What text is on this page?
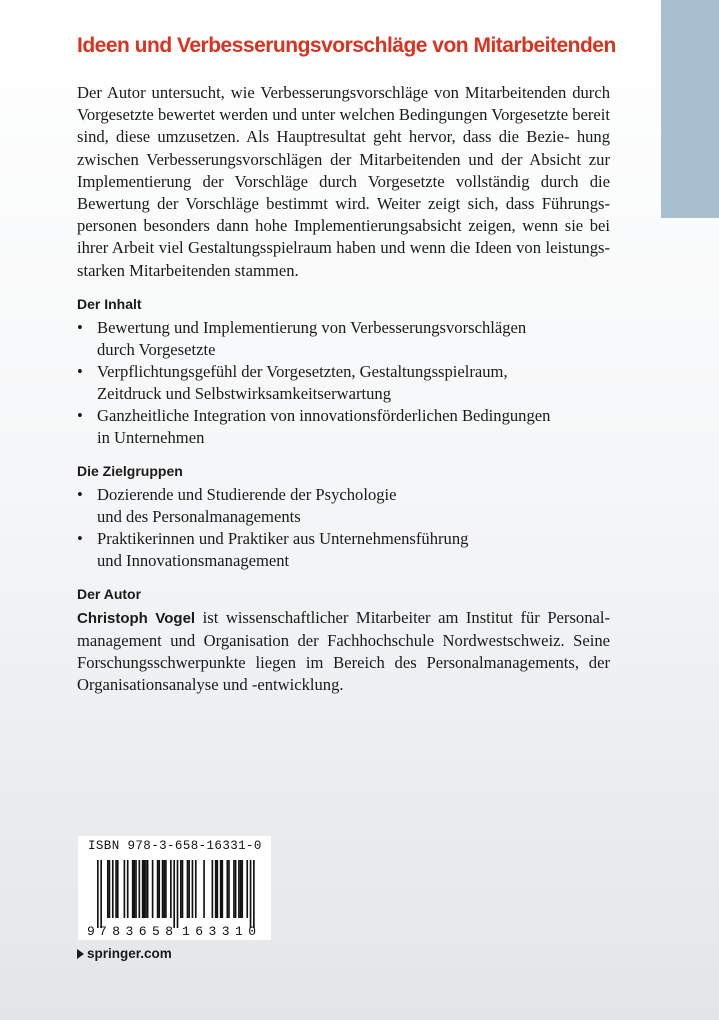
Ideen und Verbesserungsvorschläge von Mitarbeitenden

Der Autor untersucht, wie Verbesserungsvorschläge von Mitarbeitenden durch Vorgesetzte bewertet werden und unter welchen Bedingungen Vorgesetzte bereit sind, diese umzusetzen. Als Hauptresultat geht hervor, dass die Bezie- hung zwischen Verbesserungsvorschlägen der Mitarbeitenden und der Absicht zur Implementierung der Vorschläge durch Vorgesetzte vollständig durch die Bewertung der Vorschläge bestimmt wird. Weiter zeigt sich, dass Führungs- personen besonders dann hohe Implementierungsabsicht zeigen, wenn sie bei ihrer Arbeit viel Gestaltungsspielraum haben und wenn die Ideen von leistungs- starken Mitarbeitenden stammen.

Der Inhalt
• Bewertung und Implementierung von Verbesserungsvorschlägen
durch Vorgesetzte
• Verpflichtungsgefühl der Vorgesetzten, Gestaltungsspielraum,
Zeitdruck und Selbstwirksamkeitserwartung
• Ganzheitliche Integration von innovationsförderlichen Bedingungen
in Unternehmen
Die Zielgruppen
• Dozierende und Studierende der Psychologie
und des Personalmanagements
• Praktikerinnen und Praktiker aus Unternehmensführung
und Innovationsmanagement
Der Autor

Christoph Vogel ist wissenschaftlicher Mitarbeiter am Institut für Personal- management und Organisation der Fachhochschule Nordwestschweiz. Seine Forschungsschwerpunkte liegen im Bereich des Personalmanagements, der Organisationsanalyse und -entwicklung.

ISBN 978-3-658-16331-0
9 783658 163310
springer.com
